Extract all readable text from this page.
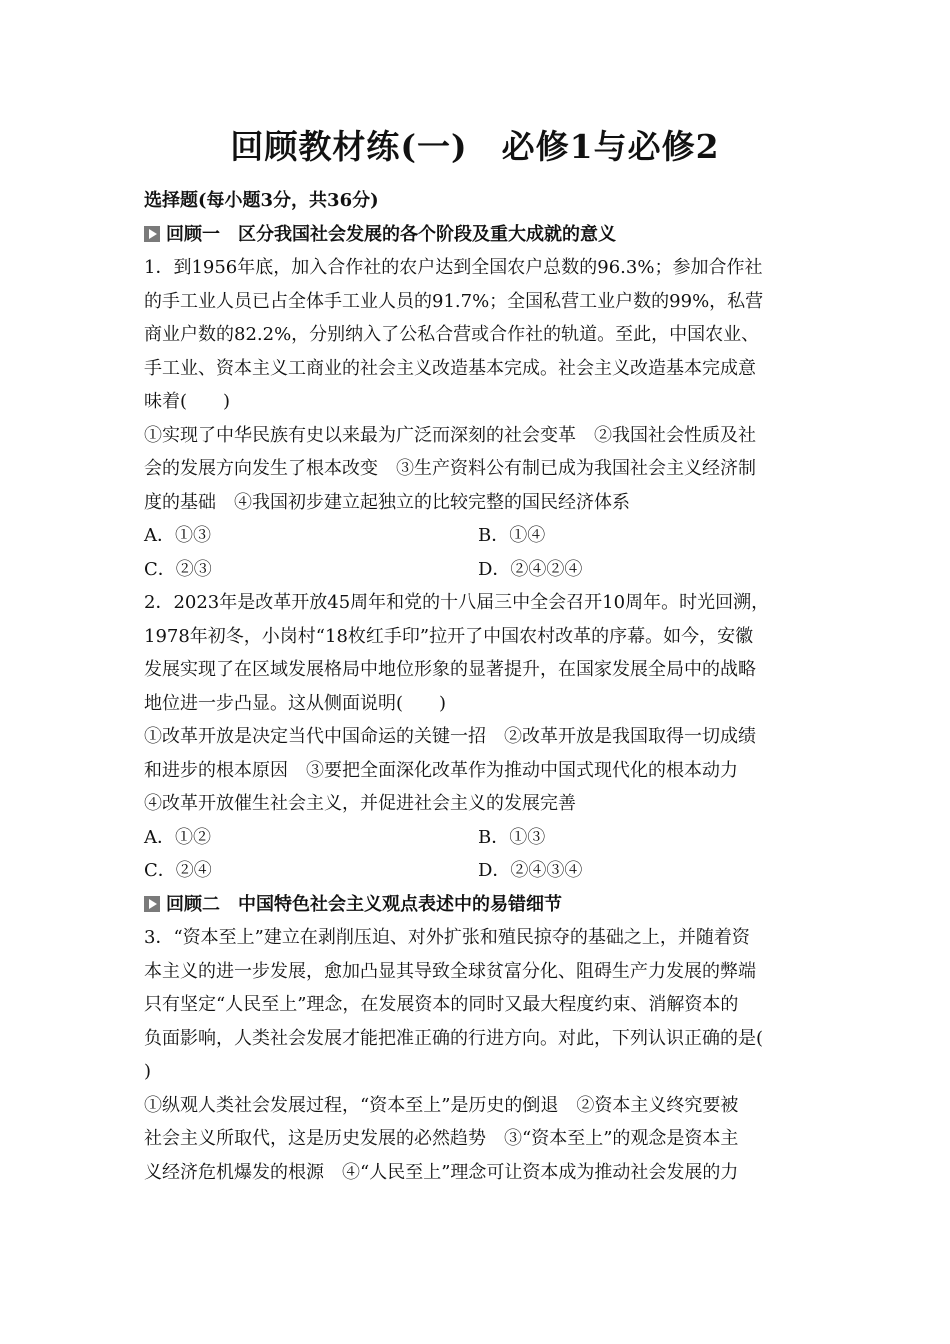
回顾教材练(一)　必修1与必修2
选择题(每小题3分，共36分)
回顾一　区分我国社会发展的各个阶段及重大成就的意义
1．到1956年底，加入合作社的农户达到全国农户总数的96.3%；参加合作社
的手工业人员已占全体手工业人员的91.7%；全国私营工业户数的99%，私营
商业户数的82.2%，分别纳入了公私合营或合作社的轨道。至此，中国农业、
手工业、资本主义工商业的社会主义改造基本完成。社会主义改造基本完成意
味着(　　)
①实现了中华民族有史以来最为广泛而深刻的社会变革　②我国社会性质及社
会的发展方向发生了根本改变　③生产资料公有制已成为我国社会主义经济制
度的基础　④我国初步建立起独立的比较完整的国民经济体系
A．①③	B．①④
C．②③	D．②④②④
2．2023年是改革开放45周年和党的十八届三中全会召开10周年。时光回溯，
1978年初冬，小岗村“18枚红手印”拉开了中国农村改革的序幕。如今，安徽
发展实现了在区域发展格局中地位形象的显著提升，在国家发展全局中的战略
地位进一步凸显。这从侧面说明(　　)
①改革开放是决定当代中国命运的关键一招　②改革开放是我国取得一切成绩
和进步的根本原因　③要把全面深化改革作为推动中国式现代化的根本动力
④改革开放催生社会主义，并促进社会主义的发展完善
A．①②	B．①③
C．②④	D．②④③④
回顾二　中国特色社会主义观点表述中的易错细节
3．“资本至上”建立在剥削压迫、对外扩张和殖民掠夺的基础之上，并随着资
本主义的进一步发展，愈加凸显其导致全球贫富分化、阻碍生产力发展的弊端
只有坚定“人民至上”理念，在发展资本的同时又最大程度约束、消解资本的
负面影响，人类社会发展才能把准正确的行进方向。对此，下列认识正确的是(
)
①纵观人类社会发展过程，“资本至上”是历史的倒退　②资本主义终究要被
社会主义所取代，这是历史发展的必然趋势　③“资本至上”的观念是资本主
义经济危机爆发的根源　④“人民至上”理念可让资本成为推动社会发展的力
